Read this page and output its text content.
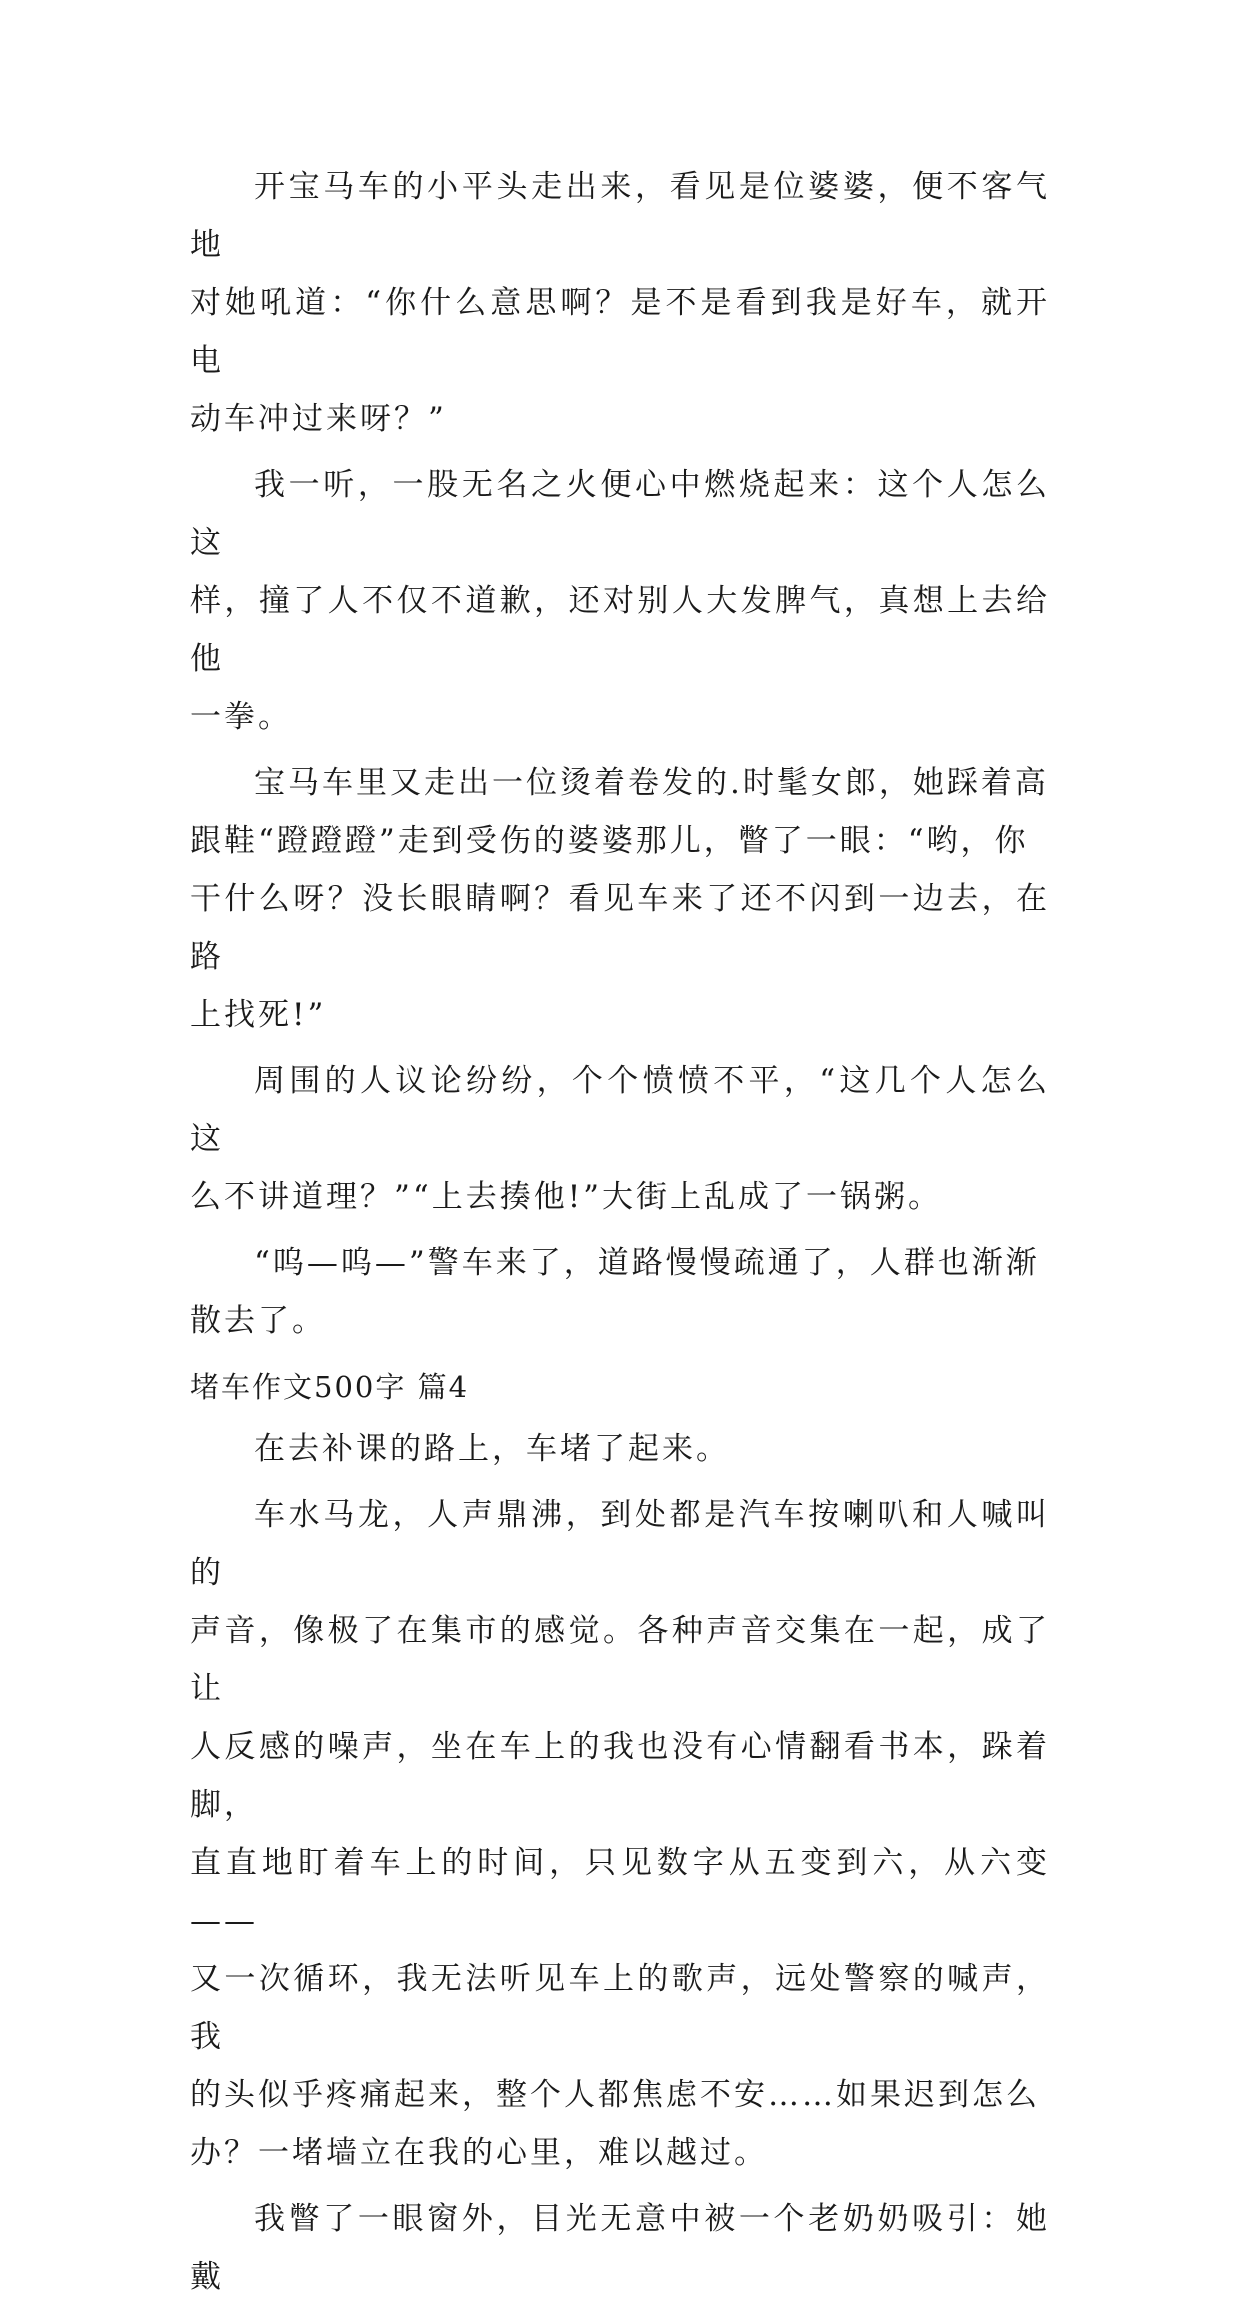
开宝马车的小平头走出来，看见是位婆婆，便不客气地
对她吼道：“你什么意思啊？是不是看到我是好车，就开电
动车冲过来呀？”
我一听，一股无名之火便心中燃烧起来：这个人怎么这
样，撞了人不仅不道歉，还对别人大发脾气，真想上去给他
一拳。
宝马车里又走出一位烫着卷发的.时髦女郎，她踩着高
跟鞋“蹬蹬蹬”走到受伤的婆婆那儿，瞥了一眼：“哟，你
干什么呀？没长眼睛啊？看见车来了还不闪到一边去，在路
上找死!”
周围的人议论纷纷，个个愤愤不平，“这几个人怎么这
么不讲道理？”“上去揍他!”大街上乱成了一锅粥。
“呜—呜—”警车来了，道路慢慢疏通了，人群也渐渐
散去了。
堵车作文500字 篇4
在去补课的路上，车堵了起来。
车水马龙，人声鼎沸，到处都是汽车按喇叭和人喊叫的
声音，像极了在集市的感觉。各种声音交集在一起，成了让
人反感的噪声，坐在车上的我也没有心情翻看书本，跺着脚，
直直地盯着车上的时间，只见数字从五变到六，从六变——
又一次循环，我无法听见车上的歌声，远处警察的喊声，我
的头似乎疼痛起来，整个人都焦虑不安……如果迟到怎么
办？一堵墙立在我的心里，难以越过。
我瞥了一眼窗外，目光无意中被一个老奶奶吸引：她戴
